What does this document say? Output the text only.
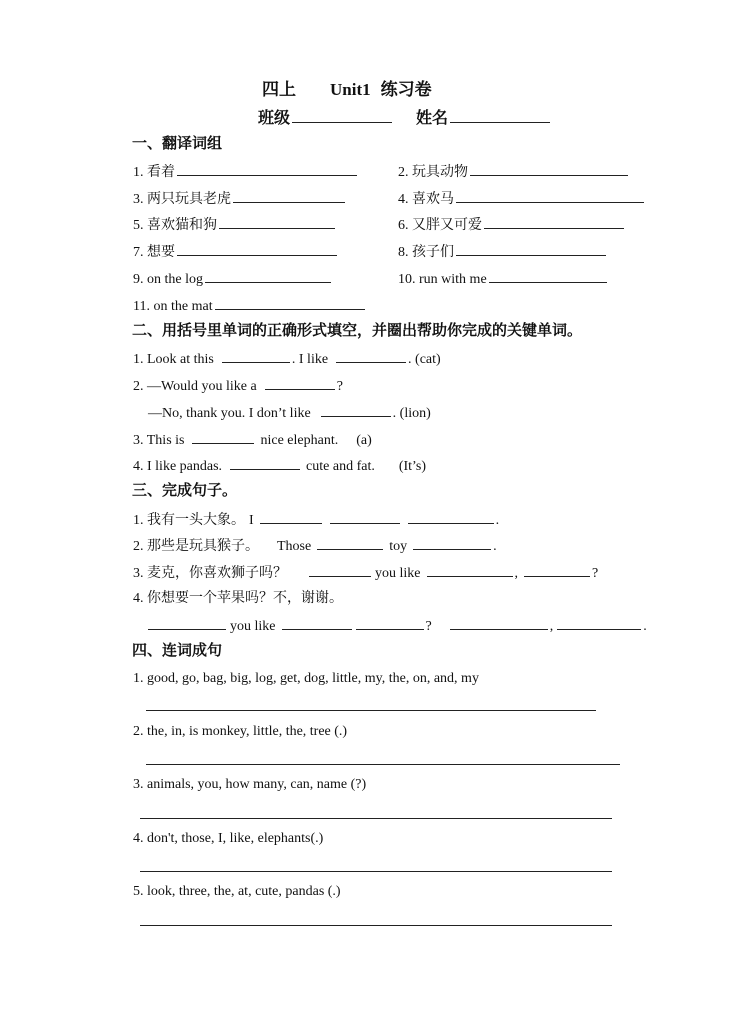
四上 Unit1 练习卷
班级	姓名
一、翻译词组
1. 看着	2. 玩具动物
3. 两只玩具老虎	4. 喜欢马
5. 喜欢猫和狗	6. 又胖又可爱
7. 想要	8. 孩子们
9. on the log	10. run with me
11. on the mat
二、用括号里单词的正确形式填空，并圈出帮助你完成的关键单词。
1. Look at this	. I like	. (cat)
2. —Would you like a	?
—No, thank you. I don’t like	. (lion)
3. This is	nice elephant. (a)
4. I like pandas.	cute and fat. (It’s)
三、完成句子。
1. 我有一头大象。 I	.
2. 那些是玩具猴子。 Those	toy	.
3. 麦克，你喜欢狮子吗？	you like	,	?
4. 你想要一个苹果吗？不，谢谢。
you like	?	,	.
四、连词成句
1. good, go, bag, big, log, get, dog, little, my, the, on, and, my
2. the, in, is monkey, little, the, tree (.)
3. animals, you, how many, can, name (?)
4. don't, those, I, like, elephants(.)
5. look, three, the, at, cute, pandas (.)
